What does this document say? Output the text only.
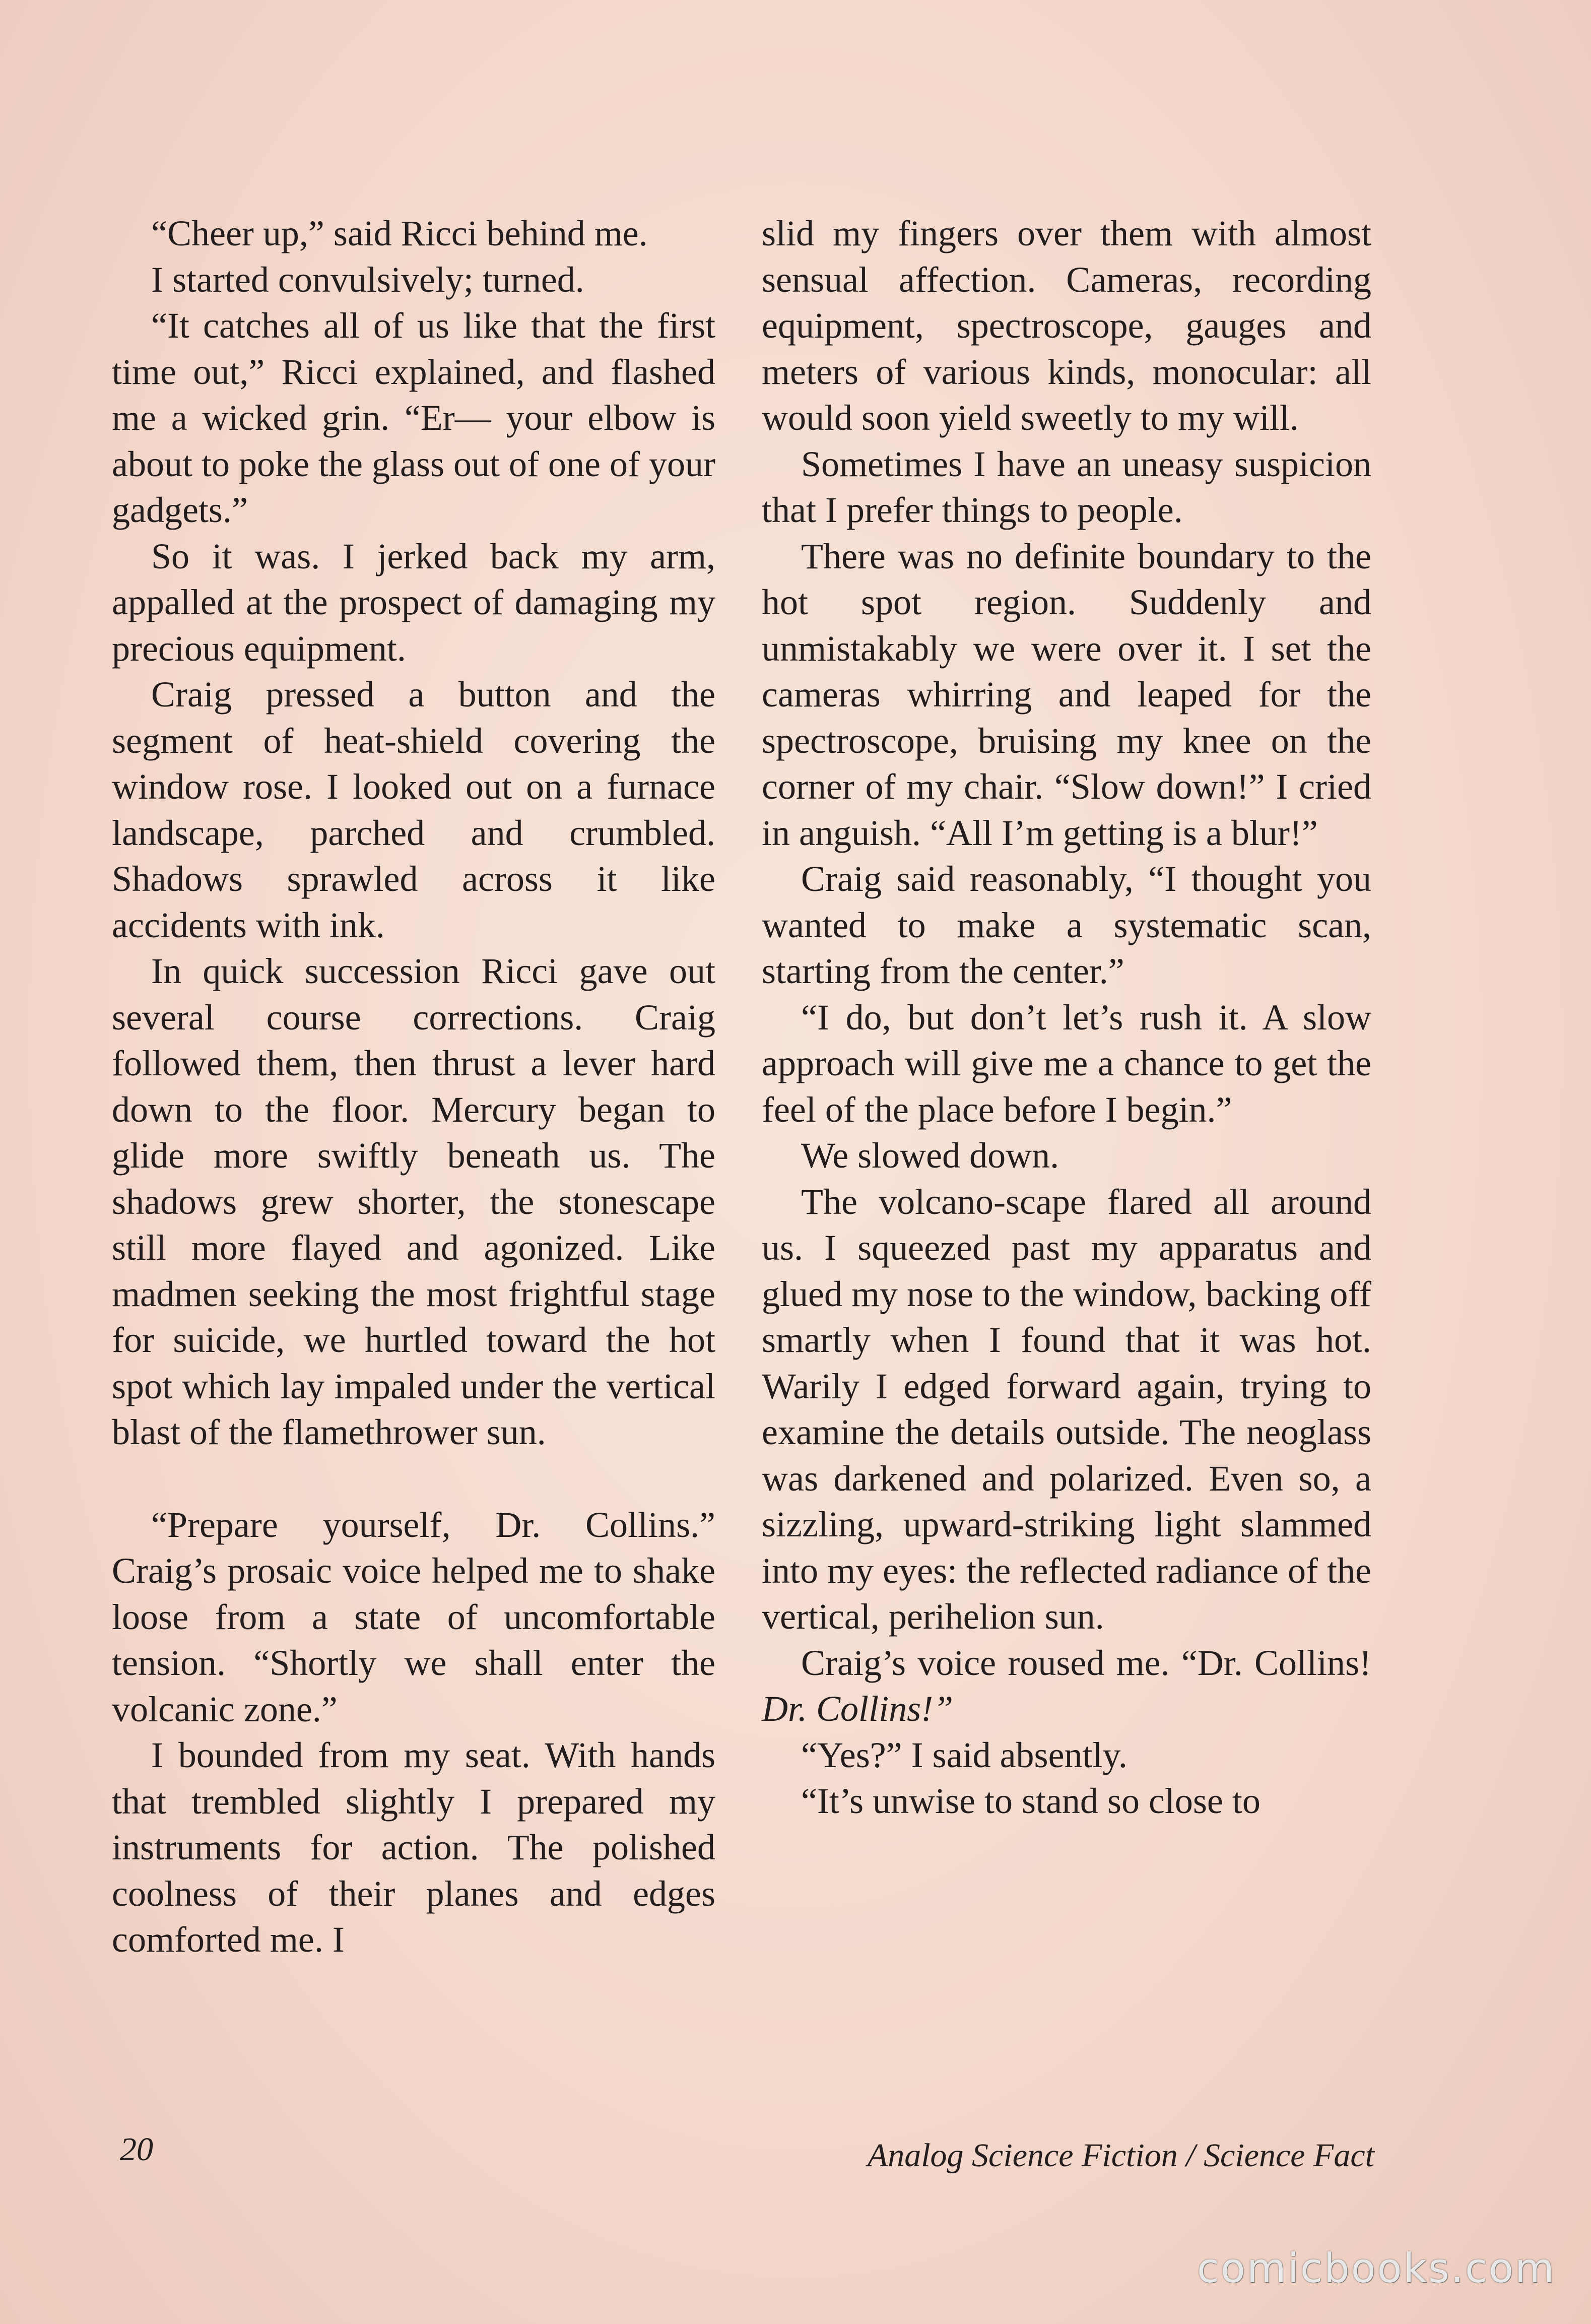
“Cheer up,” said Ricci behind me.

I started convulsively; turned.

“It catches all of us like that the first time out,” Ricci explained, and flashed me a wicked grin. “Er— your elbow is about to poke the glass out of one of your gadgets.”

So it was. I jerked back my arm, appalled at the prospect of damaging my precious equipment.

Craig pressed a button and the segment of heat-shield covering the window rose. I looked out on a furnace landscape, parched and crumbled. Shadows sprawled across it like accidents with ink.

In quick succession Ricci gave out several course corrections. Craig followed them, then thrust a lever hard down to the floor. Mercury began to glide more swiftly beneath us. The shadows grew shorter, the stonescape still more flayed and agonized. Like madmen seeking the most frightful stage for suicide, we hurtled toward the hot spot which lay impaled under the vertical blast of the flamethrower sun.

“Prepare yourself, Dr. Collins.” Craig’s prosaic voice helped me to shake loose from a state of uncomfortable tension. “Shortly we shall enter the volcanic zone.”

I bounded from my seat. With hands that trembled slightly I prepared my instruments for action. The polished coolness of their planes and edges comforted me. I

slid my fingers over them with almost sensual affection. Cameras, recording equipment, spectroscope, gauges and meters of various kinds, monocular: all would soon yield sweetly to my will.

Sometimes I have an uneasy suspicion that I prefer things to people.

There was no definite boundary to the hot spot region. Suddenly and unmistakably we were over it. I set the cameras whirring and leaped for the spectroscope, bruising my knee on the corner of my chair. “Slow down!” I cried in anguish. “All I’m getting is a blur!”

Craig said reasonably, “I thought you wanted to make a systematic scan, starting from the center.”

“I do, but don’t let’s rush it. A slow approach will give me a chance to get the feel of the place before I begin.”

We slowed down.

The volcano-scape flared all around us. I squeezed past my apparatus and glued my nose to the window, backing off smartly when I found that it was hot. Warily I edged forward again, trying to examine the details outside. The neoglass was darkened and polarized. Even so, a sizzling, upward-striking light slammed into my eyes: the reflected radiance of the vertical, perihelion sun.

Craig’s voice roused me. “Dr. Collins! Dr. Collins!”

“Yes?” I said absently.

“It’s unwise to stand so close to

20	Analog Science Fiction / Science Fact
comicbooks.com
